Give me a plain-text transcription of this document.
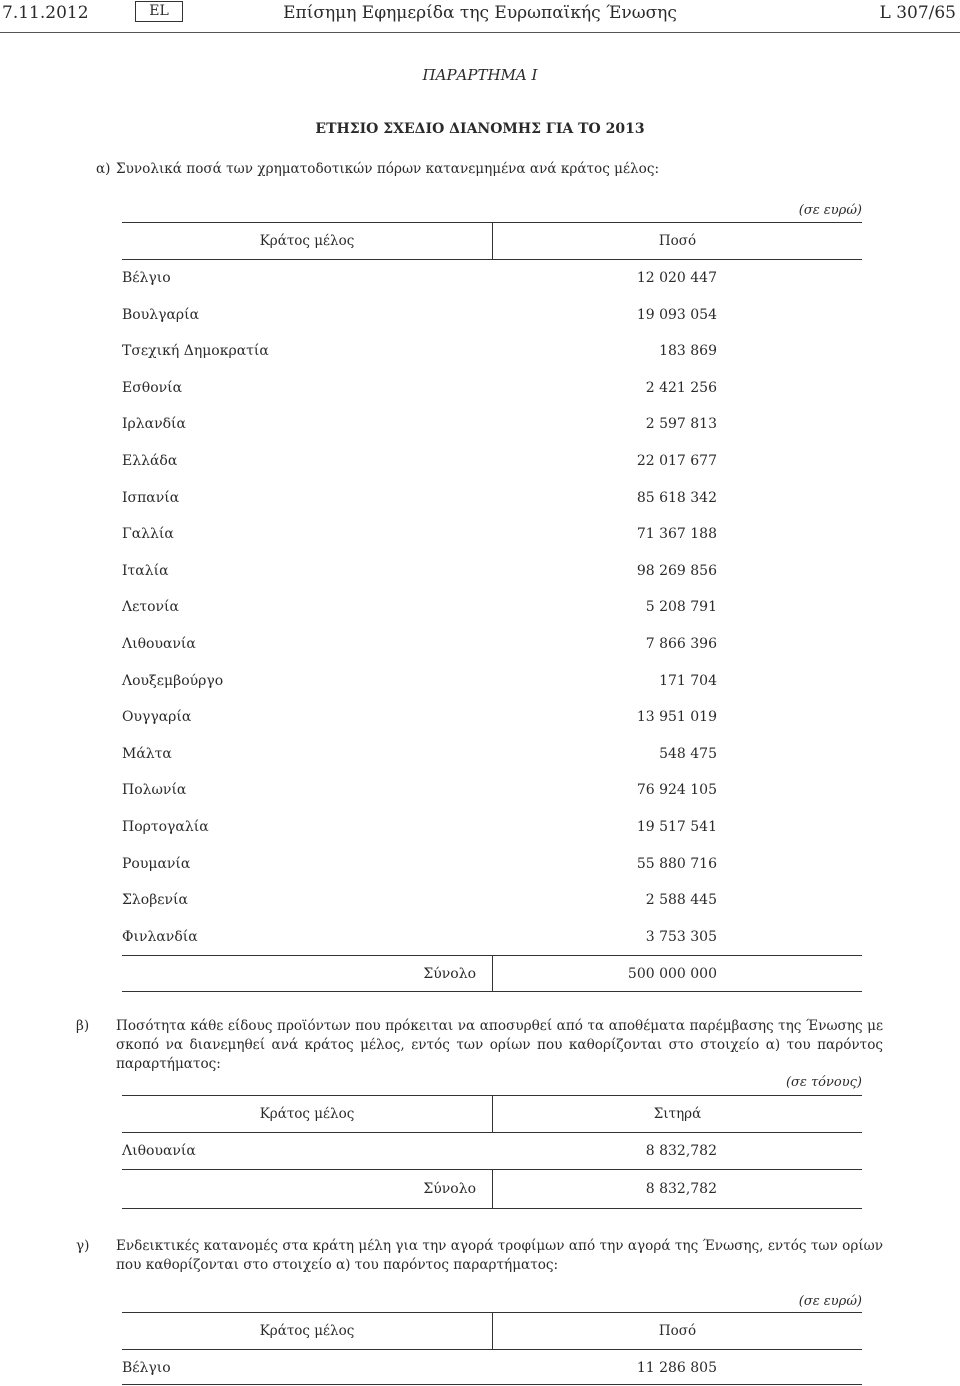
7.11.2012	EL	Επίσημη Εφημερίδα της Ευρωπαϊκής Ένωσης	L 307/65
ΠΑΡΑΡΤΗΜΑ I
ΕΤΗΣΙΟ ΣΧΕΔΙΟ ΔΙΑΝΟΜΗΣ ΓΙΑ ΤΟ 2013
α) Συνολικά ποσά των χρηματοδοτικών πόρων κατανεμημένα ανά κράτος μέλος:
(σε ευρώ)
Κράτος μέλος	Ποσό
Βέλγιο	12 020 447
Βουλγαρία	19 093 054
Τσεχική Δημοκρατία	183 869
Εσθονία	2 421 256
Ιρλανδία	2 597 813
Ελλάδα	22 017 677
Ισπανία	85 618 342
Γαλλία	71 367 188
Ιταλία	98 269 856
Λετονία	5 208 791
Λιθουανία	7 866 396
Λουξεμβούργο	171 704
Ουγγαρία	13 951 019
Μάλτα	548 475
Πολωνία	76 924 105
Πορτογαλία	19 517 541
Ρουμανία	55 880 716
Σλοβενία	2 588 445
Φινλανδία	3 753 305
Σύνολο	500 000 000
β) Ποσότητα κάθε είδους προϊόντων που πρόκειται να αποσυρθεί από τα αποθέματα παρέμβασης της Ένωσης με σκοπό να διανεμηθεί ανά κράτος μέλος, εντός των ορίων που καθορίζονται στο στοιχείο α) του παρόντος παραρτήματος:
(σε τόνους)
Κράτος μέλος	Σιτηρά
Λιθουανία	8 832,782
Σύνολο	8 832,782
γ) Ενδεικτικές κατανομές στα κράτη μέλη για την αγορά τροφίμων από την αγορά της Ένωσης, εντός των ορίων που καθορίζονται στο στοιχείο α) του παρόντος παραρτήματος:
(σε ευρώ)
Κράτος μέλος	Ποσό
Βέλγιο	11 286 805
